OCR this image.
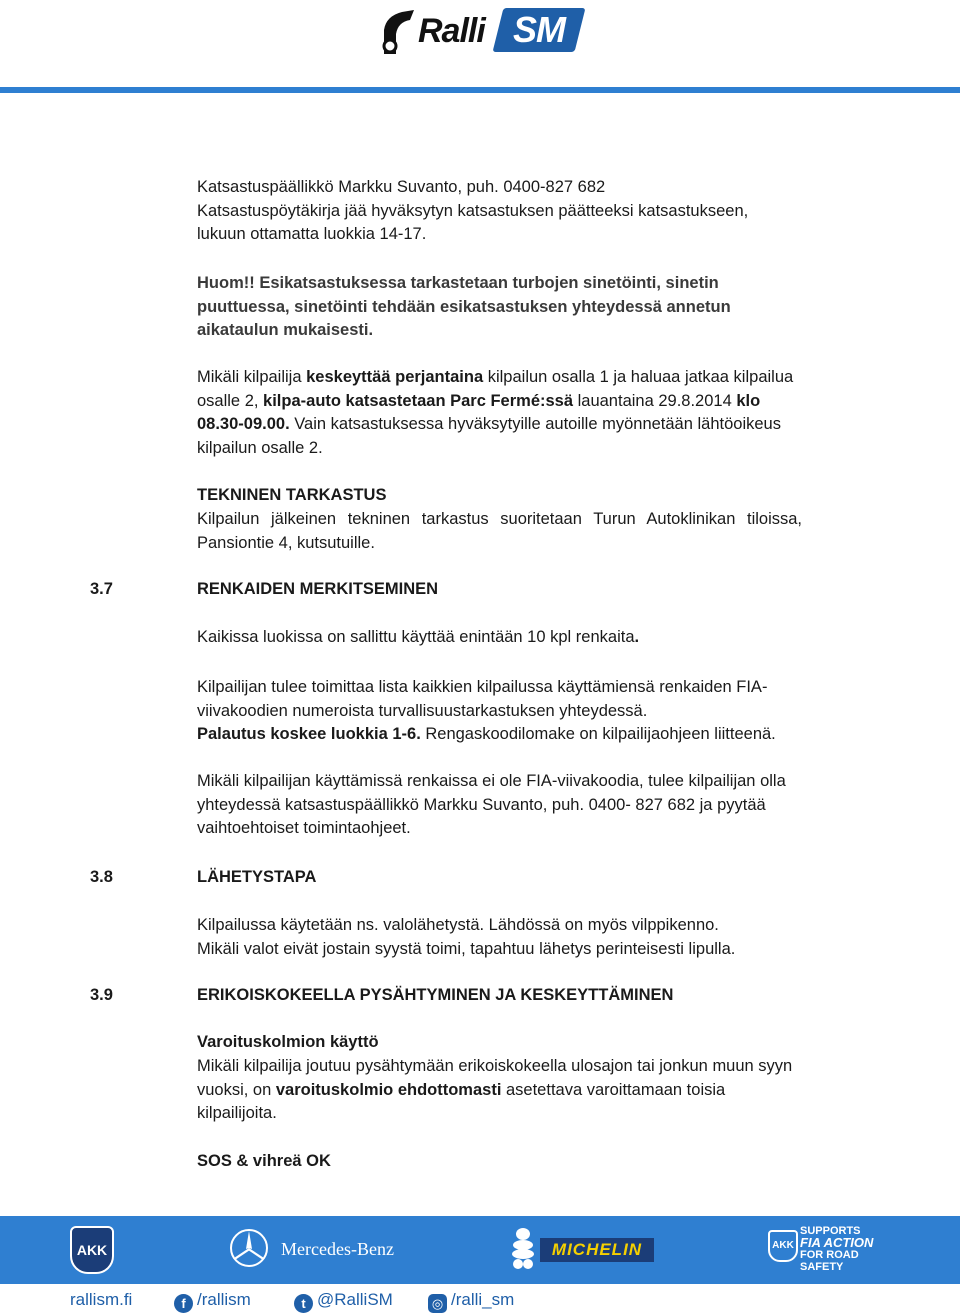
Ralli SM

Katsastuspäällikkö Markku Suvanto, puh. 0400-827 682
Katsastuspöytäkirja jää hyväksytyn katsastuksen päätteeksi katsastukseen,
lukuun ottamatta luokkia 14-17.

Huom!! Esikatsastuksessa tarkastetaan turbojen sinetöinti, sinetin puuttuessa, sinetöinti tehdään esikatsastuksen yhteydessä annetun aikataulun mukaisesti.

Mikäli kilpailija keskeyttää perjantaina kilpailun osalla 1 ja haluaa jatkaa kilpailua osalle 2, kilpa-auto katsastetaan Parc Fermé:ssä lauantaina 29.8.2014 klo 08.30-09.00. Vain katsastuksessa hyväksytyille autoille myönnetään lähtöoikeus kilpailun osalle 2.

TEKNINEN TARKASTUS

Kilpailun jälkeinen tekninen tarkastus suoritetaan Turun Autoklinikan tiloissa, Pansiontie 4, kutsutuille.

3.7	RENKAIDEN MERKITSEMINEN

Kaikissa luokissa on sallittu käyttää enintään 10 kpl renkaita.

Kilpailijan tulee toimittaa lista kaikkien kilpailussa käyttämiensä renkaiden FIA-viivakoodien numeroista turvallisuustarkastuksen yhteydessä.

Palautus koskee luokkia 1-6. Rengaskoodilomake on kilpailijaohjeen liitteenä.

Mikäli kilpailijan käyttämissä renkaissa ei ole FIA-viivakoodia, tulee kilpailijan olla yhteydessä katsastuspäällikkö Markku Suvanto, puh. 0400- 827 682 ja pyytää vaihtoehtoiset toimintaohjeet.

3.8	LÄHETYSTAPA

Kilpailussa käytetään ns. valolähetystä. Lähdössä on myös vilppikenno.
Mikäli valot eivät jostain syystä toimi, tapahtuu lähetys perinteisesti lipulla.

3.9	ERIKOISKOKEELLA PYSÄHTYMINEN JA KESKEYTTÄMINEN

Varoituskolmion käyttö

Mikäli kilpailija joutuu pysähtymään erikoiskokeella ulosajon tai jonkun muun syyn vuoksi, on varoituskolmio ehdottomasti asetettava varoittamaan toisia kilpailijoita.

SOS & vihreä OK

AKK	Mercedes-Benz	MICHELIN	AKK
SUPPORTS
FIA ACTION
FOR ROAD SAFETY
rallism.fi	f /rallism	t @RalliSM	◎ /ralli_sm
